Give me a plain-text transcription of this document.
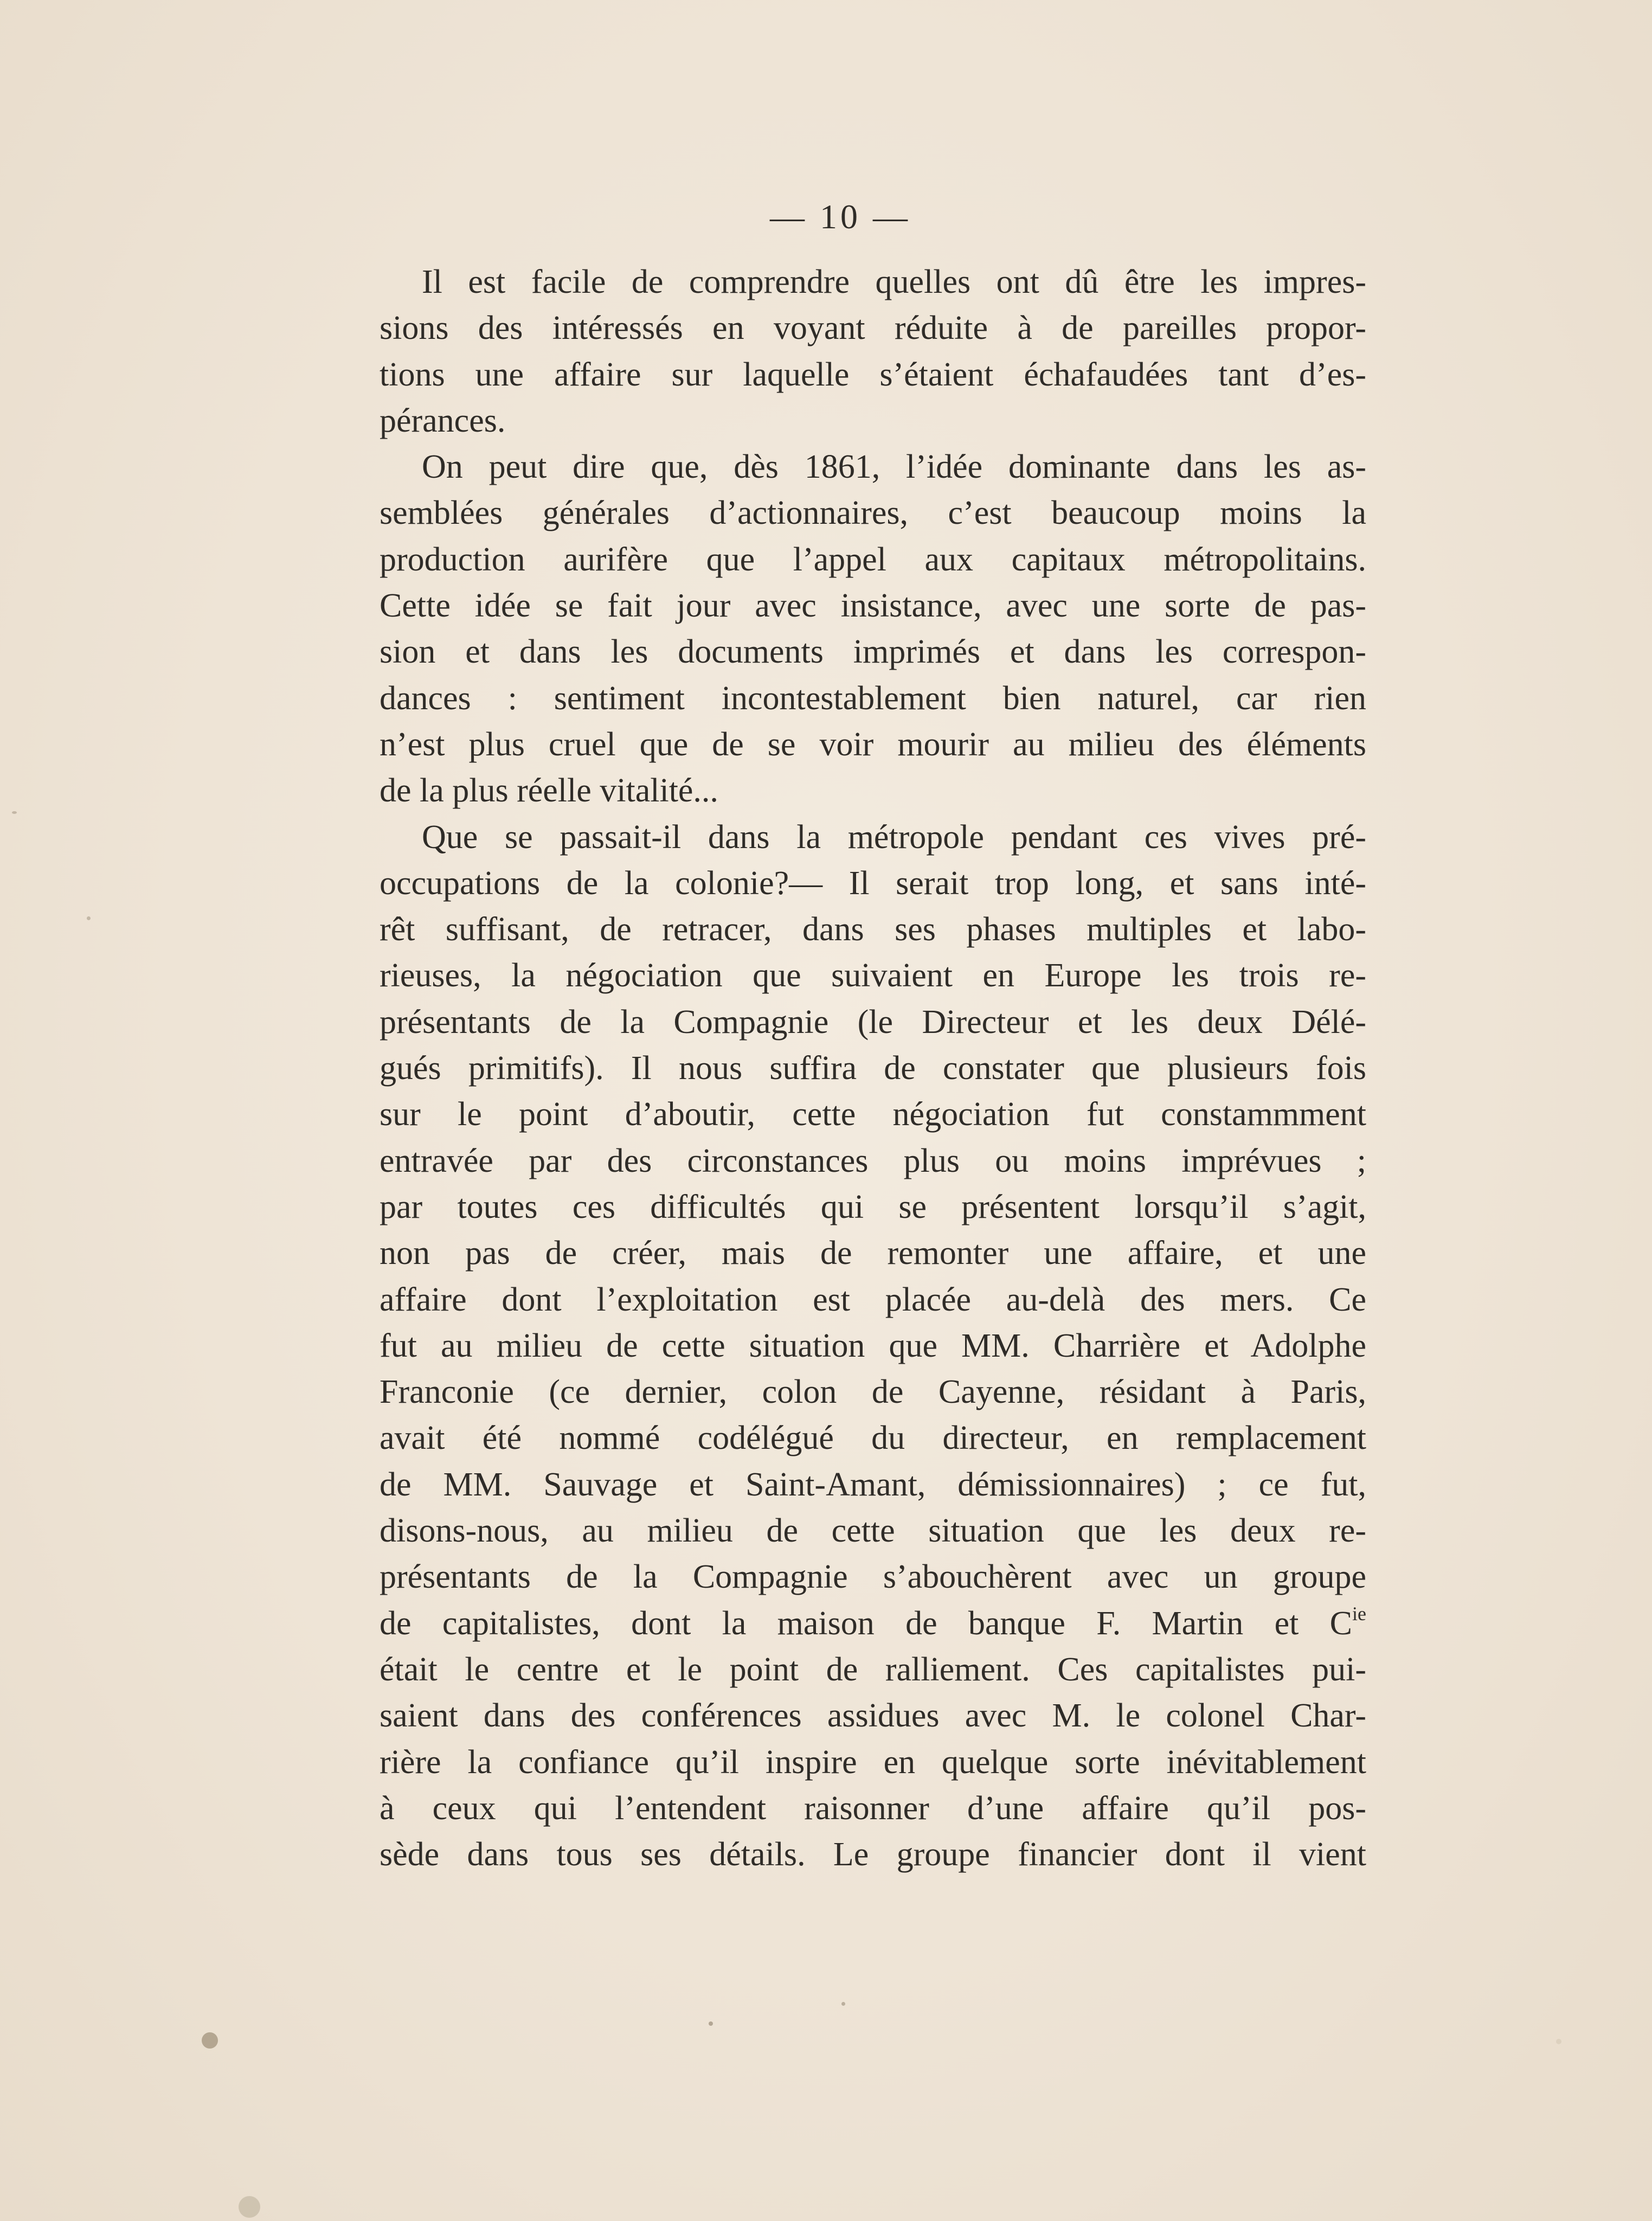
— 10 —
Il est facile de comprendre quelles ont dû être les impres-
sions des intéressés en voyant réduite à de pareilles propor-
tions une affaire sur laquelle s’étaient échafaudées tant d’es-
pérances.
On peut dire que, dès 1861, l’idée dominante dans les as-
semblées générales d’actionnaires, c’est beaucoup moins la
production aurifère que l’appel aux capitaux métropolitains.
Cette idée se fait jour avec insistance, avec une sorte de pas-
sion et dans les documents imprimés et dans les correspon-
dances : sentiment incontestablement bien naturel, car rien
n’est plus cruel que de se voir mourir au milieu des éléments
de la plus réelle vitalité...
Que se passait-il dans la métropole pendant ces vives pré-
occupations de la colonie?— Il serait trop long, et sans inté-
rêt suffisant, de retracer, dans ses phases multiples et labo-
rieuses, la négociation que suivaient en Europe les trois re-
présentants de la Compagnie (le Directeur et les deux Délé-
gués primitifs). Il nous suffira de constater que plusieurs fois
sur le point d’aboutir, cette négociation fut constammment
entravée par des circonstances plus ou moins imprévues ;
par toutes ces difficultés qui se présentent lorsqu’il s’agit,
non pas de créer, mais de remonter une affaire, et une
affaire dont l’exploitation est placée au-delà des mers. Ce
fut au milieu de cette situation que MM. Charrière et Adolphe
Franconie (ce dernier, colon de Cayenne, résidant à Paris,
avait été nommé codélégué du directeur, en remplacement
de MM. Sauvage et Saint-Amant, démissionnaires) ; ce fut,
disons-nous, au milieu de cette situation que les deux re-
présentants de la Compagnie s’abouchèrent avec un groupe
de capitalistes, dont la maison de banque F. Martin et $C^{ie}$
était le centre et le point de ralliement. Ces capitalistes pui-
saient dans des conférences assidues avec M. le colonel Char-
rière la confiance qu’il inspire en quelque sorte inévitablement
à ceux qui l’entendent raisonner d’une affaire qu’il pos-
sède dans tous ses détails. Le groupe financier dont il vient
